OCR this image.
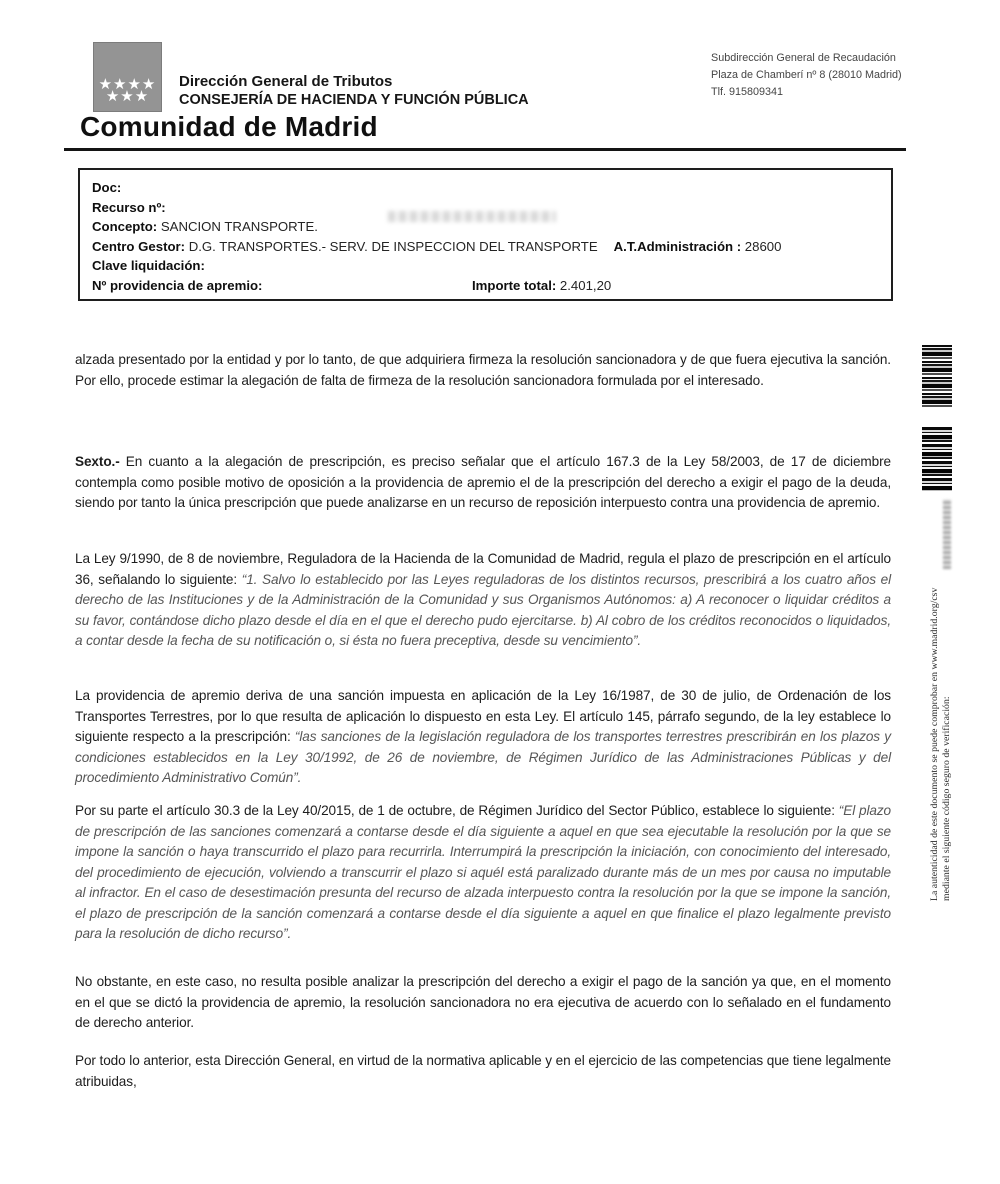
★★★★
★★★
Dirección General de Tributos
CONSEJERÍA DE HACIENDA Y FUNCIÓN PÚBLICA
Subdirección General de Recaudación
Plaza de Chamberí nº 8 (28010 Madrid)
Tlf. 915809341
Comunidad de Madrid
Doc:
Recurso nº:
Concepto: SANCION TRANSPORTE.
Centro Gestor: D.G. TRANSPORTES.- SERV. DE INSPECCION DEL TRANSPORTE A.T.Administración : 28600
Clave liquidación:
Nº providencia de apremio:	Importe total: 2.401,20

alzada presentado por la entidad y por lo tanto, de que adquiriera firmeza la resolución sancionadora y de que fuera ejecutiva la sanción. Por ello, procede estimar la alegación de falta de firmeza de la resolución sancionadora formulada por el interesado.

Sexto.- En cuanto a la alegación de prescripción, es preciso señalar que el artículo 167.3 de la Ley 58/2003, de 17 de diciembre contempla como posible motivo de oposición a la providencia de apremio el de la prescripción del derecho a exigir el pago de la deuda, siendo por tanto la única prescripción que puede analizarse en un recurso de reposición interpuesto contra una providencia de apremio.

La Ley 9/1990, de 8 de noviembre, Reguladora de la Hacienda de la Comunidad de Madrid, regula el plazo de prescripción en el artículo 36, señalando lo siguiente: “1. Salvo lo establecido por las Leyes reguladoras de los distintos recursos, prescribirá a los cuatro años el derecho de las Instituciones y de la Administración de la Comunidad y sus Organismos Autónomos: a) A reconocer o liquidar créditos a su favor, contándose dicho plazo desde el día en el que el derecho pudo ejercitarse. b) Al cobro de los créditos reconocidos o liquidados, a contar desde la fecha de su notificación o, si ésta no fuera preceptiva, desde su vencimiento”.

La providencia de apremio deriva de una sanción impuesta en aplicación de la Ley 16/1987, de 30 de julio, de Ordenación de los Transportes Terrestres, por lo que resulta de aplicación lo dispuesto en esta Ley. El artículo 145, párrafo segundo, de la ley establece lo siguiente respecto a la prescripción: “las sanciones de la legislación reguladora de los transportes terrestres prescribirán en los plazos y condiciones establecidos en la Ley 30/1992, de 26 de noviembre, de Régimen Jurídico de las Administraciones Públicas y del procedimiento Administrativo Común”.

Por su parte el artículo 30.3 de la Ley 40/2015, de 1 de octubre, de Régimen Jurídico del Sector Público, establece lo siguiente: “El plazo de prescripción de las sanciones comenzará a contarse desde el día siguiente a aquel en que sea ejecutable la resolución por la que se impone la sanción o haya transcurrido el plazo para recurrirla. Interrumpirá la prescripción la iniciación, con conocimiento del interesado, del procedimiento de ejecución, volviendo a transcurrir el plazo si aquél está paralizado durante más de un mes por causa no imputable al infractor. En el caso de desestimación presunta del recurso de alzada interpuesto contra la resolución por la que se impone la sanción, el plazo de prescripción de la sanción comenzará a contarse desde el día siguiente a aquel en que finalice el plazo legalmente previsto para la resolución de dicho recurso”.

No obstante, en este caso, no resulta posible analizar la prescripción del derecho a exigir el pago de la sanción ya que, en el momento en el que se dictó la providencia de apremio, la resolución sancionadora no era ejecutiva de acuerdo con lo señalado en el fundamento de derecho anterior.

Por todo lo anterior, esta Dirección General, en virtud de la normativa aplicable y en el ejercicio de las competencias que tiene legalmente atribuidas,

La autenticidad de este documento se puede comprobar en www.madrid.org/csv mediante el siguiente código seguro de verificación:
